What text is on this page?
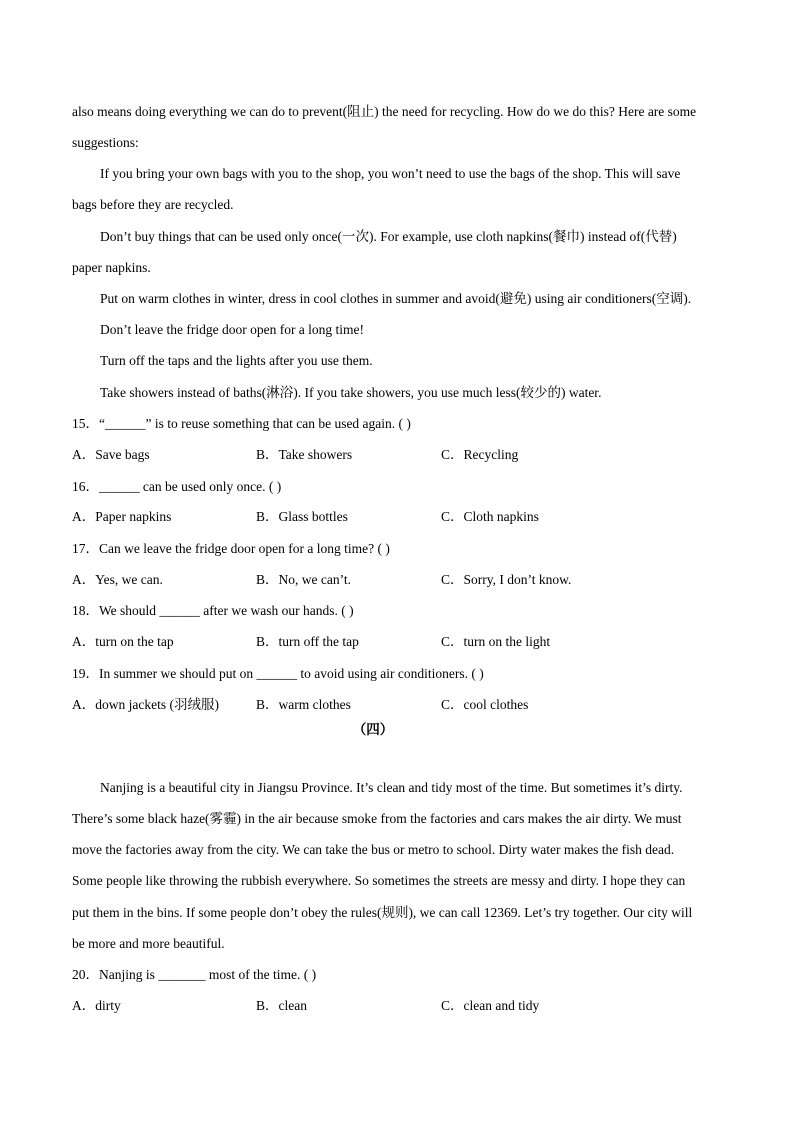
also means doing everything we can do to prevent(阻止) the need for recycling. How do we do this? Here are some
suggestions:
If you bring your own bags with you to the shop, you won’t need to use the bags of the shop. This will save
bags before they are recycled.
Don’t buy things that can be used only once(一次). For example, use cloth napkins(餐巾) instead of(代替)
paper napkins.
Put on warm clothes in winter, dress in cool clothes in summer and avoid(避免) using air conditioners(空调).
Don’t leave the fridge door open for a long time!
Turn off the taps and the lights after you use them.
Take showers instead of baths(淋浴). If you take showers, you use much less(较少的) water.
15．“______” is to reuse something that can be used again. ( )
A．Save bags	B．Take showers	C．Recycling
16．______ can be used only once. ( )
A．Paper napkins	B．Glass bottles	C．Cloth napkins
17．Can we leave the fridge door open for a long time? ( )
A．Yes, we can.	B．No, we can’t.	C．Sorry, I don’t know.
18．We should ______ after we wash our hands. ( )
A．turn on the tap	B．turn off the tap	C．turn on the light
19．In summer we should put on ______ to avoid using air conditioners. ( )
A．down jackets (羽绒服)	B．warm clothes	C．cool clothes
（四）
Nanjing is a beautiful city in Jiangsu Province. It’s clean and tidy most of the time. But sometimes it’s dirty.
There’s some black haze(雾霾) in the air because smoke from the factories and cars makes the air dirty. We must
move the factories away from the city. We can take the bus or metro to school. Dirty water makes the fish dead.
Some people like throwing the rubbish everywhere. So sometimes the streets are messy and dirty. I hope they can
put them in the bins. If some people don’t obey the rules(规则), we can call 12369. Let’s try together. Our city will
be more and more beautiful.
20．Nanjing is _______ most of the time. ( )
A．dirty	B．clean	C．clean and tidy
